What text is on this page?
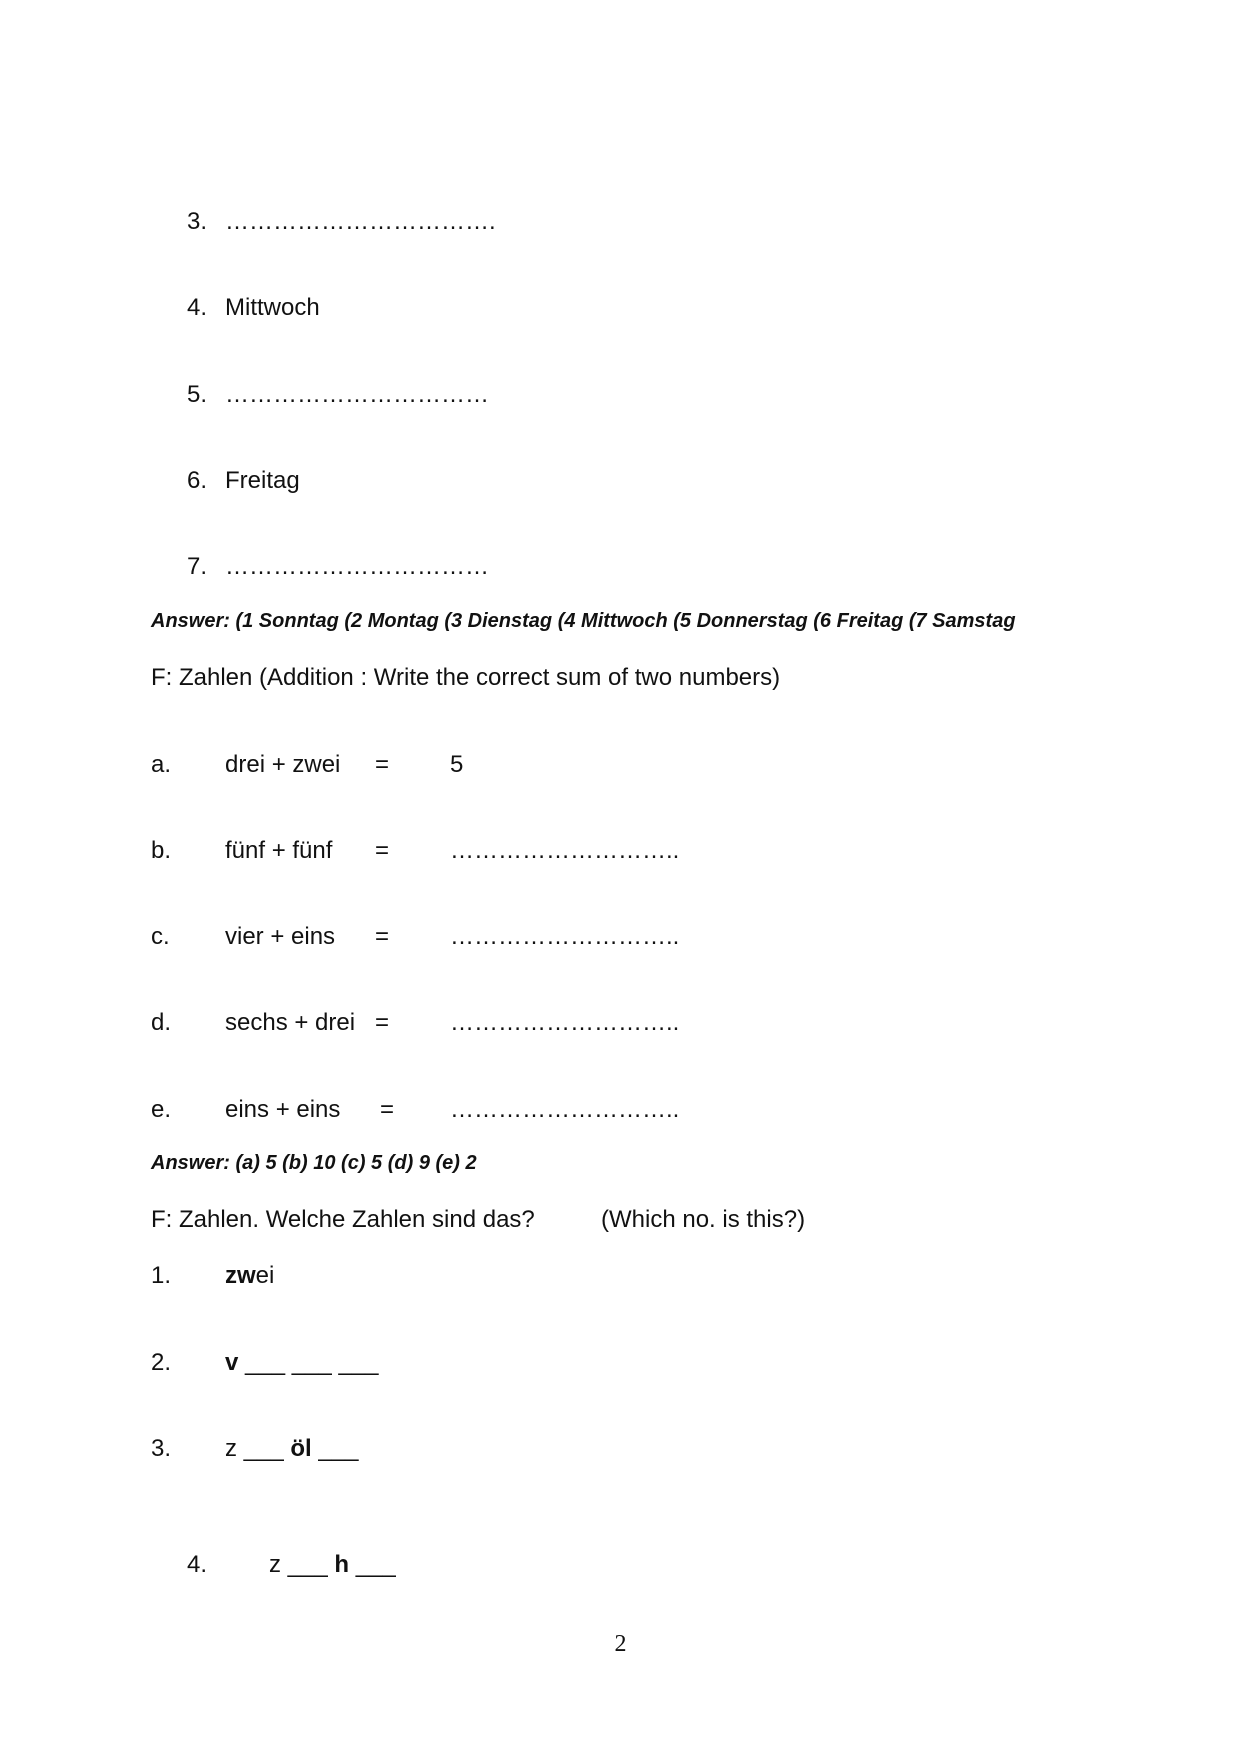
3. …………………………….
4. Mittwoch
5. ……………………………
6. Freitag
7. ……………………………
Answer: (1 Sonntag (2 Montag (3 Dienstag (4 Mittwoch (5 Donnerstag (6 Freitag (7 Samstag
F: Zahlen (Addition : Write the correct sum of two numbers)
a. drei + zwei =	5
b. fünf + fünf =	………………………..
c. vier + eins =	………………………..
d. sechs + drei =	………………………..
e. eins + eins = ………………………..
Answer: (a) 5 (b) 10 (c) 5 (d) 9 (e) 2
F: Zahlen. Welche Zahlen sind das?	(Which no. is this?)
1. zwei
2. v ___ ___ ___
3. z ___ öl ___
4.	z ___ h ___
2
